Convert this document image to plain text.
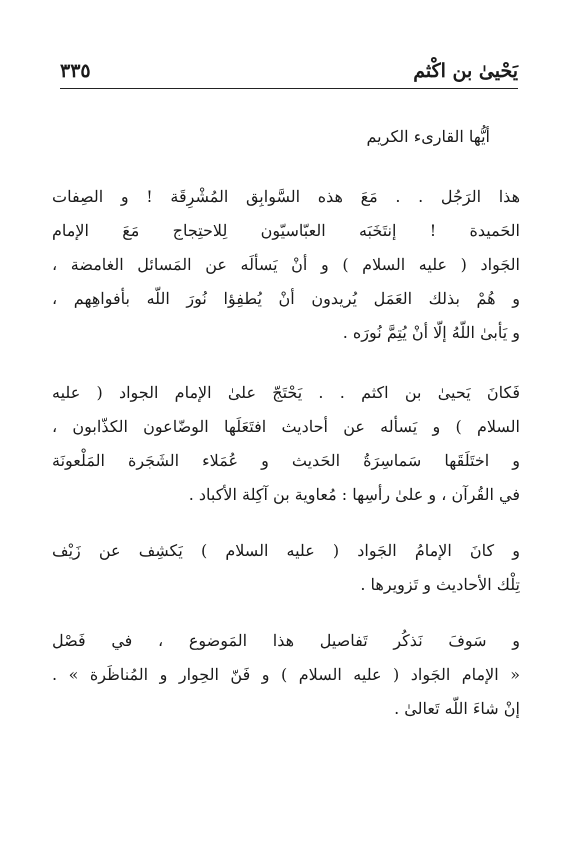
يَحْيىٰ بن اكْثم
٣٣٥
أيُّها القارىء الكريم
هذا الرَجُل . . مَعَ هذه السَّوابِق المُشْرِقَة ! و الصِفات
الحَميدة ! إنتَخَبَه العبّاسيّون لِلاحتِجاج مَعَ الإمام
الجَواد ( عليه السلام ) و أنْ يَسألَه عن المَسائل الغامضة ،
و هُمْ بذلك العَمَل يُريدون أنْ يُطفِؤا نُورَ اللّه بأفواهِهم ،
و يَأبىٰ اللّهُ إلّا أنْ يُتِمَّ نُورَه .
فَكانَ يَحيىٰ بن اكثم . . يَحْتَجّ علىٰ الإمام الجواد ( عليه
السلام ) و يَسأله عن أحاديث افتَعَلَها الوضّاعون الكذّابون ،
و اختَلَقَها سَماسِرَةُ الحَديث و عُمَلاء الشَجَرة المَلْعونَة
في القُرآن ، و علىٰ رأسِها : مُعاوية بن آكِلة الأكباد .
و كانَ الإمامُ الجَواد ( عليه السلام ) يَكشِف عن زَيْف
تِلْك الأحاديث و تَزويرها .
و سَوفَ نَذكُر تَفاصيل هذا المَوضوع ، في فَصْل
« الإمام الجَواد ( عليه السلام ) و فَنّ الحِوار و المُناظَرة » .
إنْ شاءَ اللّه تَعالىٰ .
